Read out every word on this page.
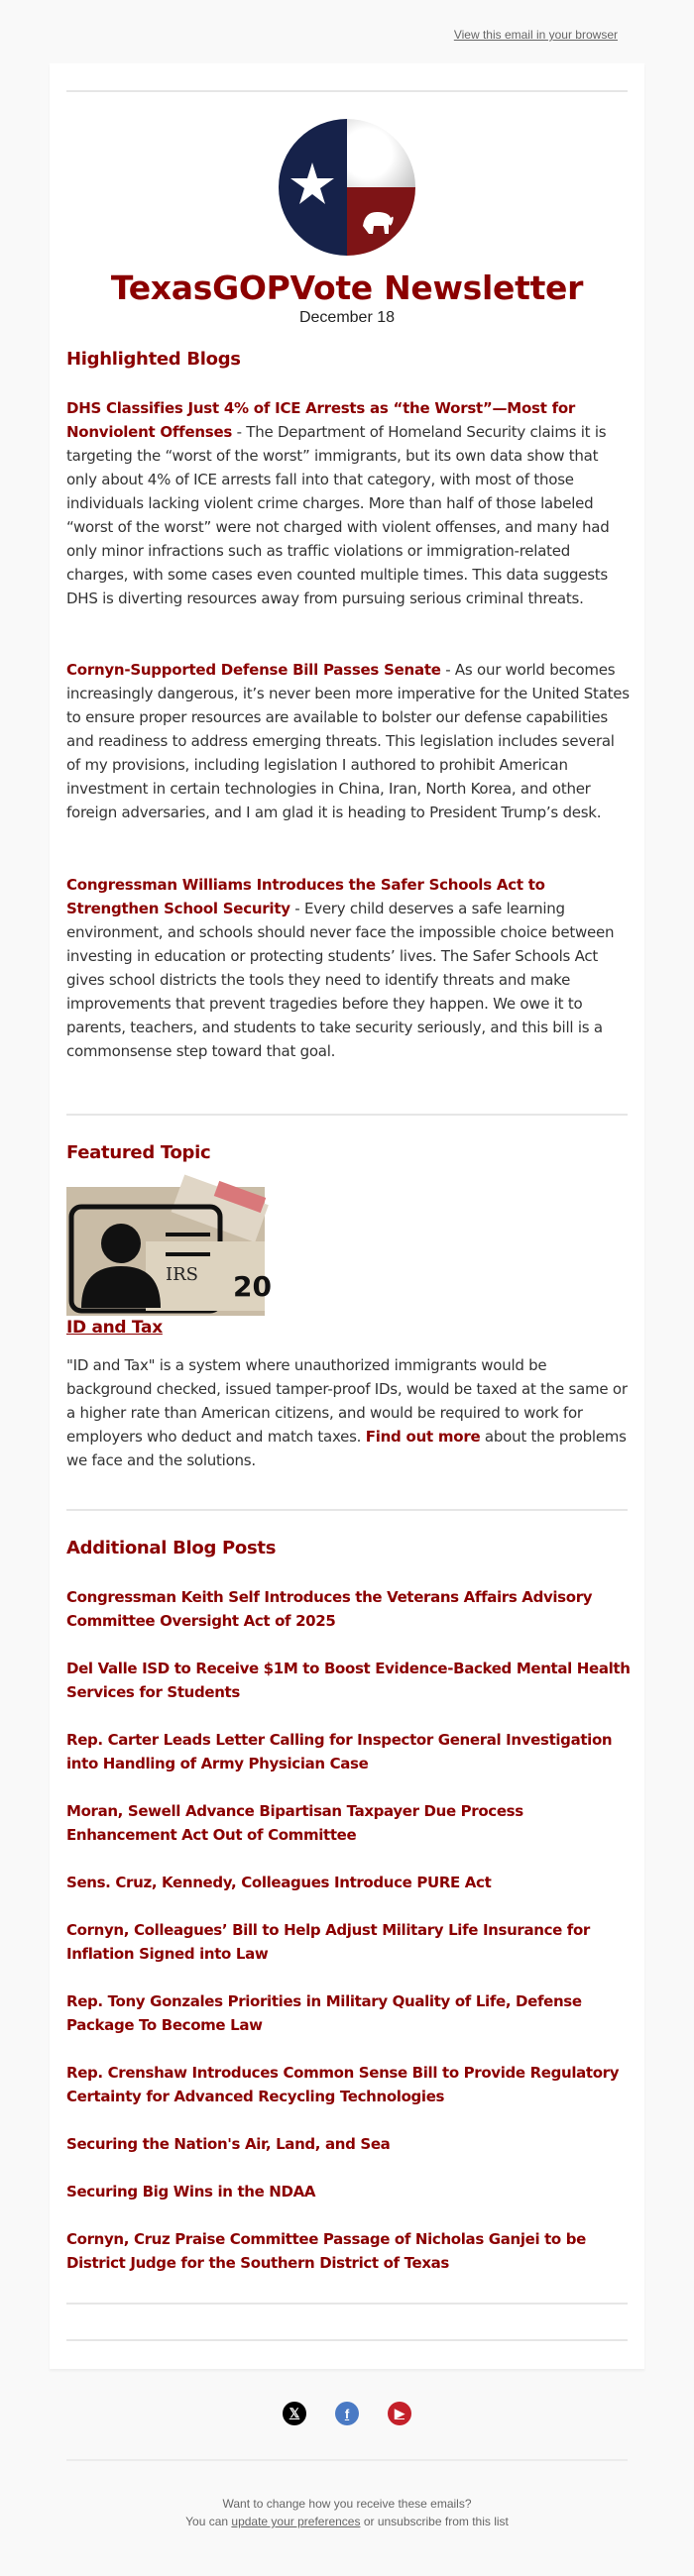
View this email in your browser
TexasGOPVote Newsletter
December 18
Highlighted Blogs
DHS Classifies Just 4% of ICE Arrests as “the Worst”—Most for Nonviolent Offenses - The Department of Homeland Security claims it is targeting the “worst of the worst” immigrants, but its own data show that only about 4% of ICE arrests fall into that category, with most of those individuals lacking violent crime charges. More than half of those labeled “worst of the worst” were not charged with violent offenses, and many had only minor infractions such as traffic violations or immigration-related charges, with some cases even counted multiple times. This data suggests DHS is diverting resources away from pursuing serious criminal threats.
Cornyn-Supported Defense Bill Passes Senate - As our world becomes increasingly dangerous, it’s never been more imperative for the United States to ensure proper resources are available to bolster our defense capabilities and readiness to address emerging threats. This legislation includes several of my provisions, including legislation I authored to prohibit American investment in certain technologies in China, Iran, North Korea, and other foreign adversaries, and I am glad it is heading to President Trump’s desk.
Congressman Williams Introduces the Safer Schools Act to Strengthen School Security - Every child deserves a safe learning environment, and schools should never face the impossible choice between investing in education or protecting students’ lives. The Safer Schools Act gives school districts the tools they need to identify threats and make improvements that prevent tragedies before they happen. We owe it to parents, teachers, and students to take security seriously, and this bill is a commonsense step toward that goal.
Featured Topic
IRS 20
ID and Tax
"ID and Tax" is a system where unauthorized immigrants would be background checked, issued tamper-proof IDs, would be taxed at the same or a higher rate than American citizens, and would be required to work for employers who deduct and match taxes. Find out more about the problems we face and the solutions.
Additional Blog Posts
Congressman Keith Self Introduces the Veterans Affairs Advisory Committee Oversight Act of 2025
Del Valle ISD to Receive $1M to Boost Evidence-Backed Mental Health Services for Students
Rep. Carter Leads Letter Calling for Inspector General Investigation into Handling of Army Physician Case
Moran, Sewell Advance Bipartisan Taxpayer Due Process Enhancement Act Out of Committee
Sens. Cruz, Kennedy, Colleagues Introduce PURE Act
Cornyn, Colleagues’ Bill to Help Adjust Military Life Insurance for Inflation Signed into Law
Rep. Tony Gonzales Priorities in Military Quality of Life, Defense Package To Become Law
Rep. Crenshaw Introduces Common Sense Bill to Provide Regulatory Certainty for Advanced Recycling Technologies
Securing the Nation's Air, Land, and Sea
Securing Big Wins in the NDAA
Cornyn, Cruz Praise Committee Passage of Nicholas Ganjei to be District Judge for the Southern District of Texas
𝕏	f	▶
Want to change how you receive these emails?
You can update your preferences or unsubscribe from this list
